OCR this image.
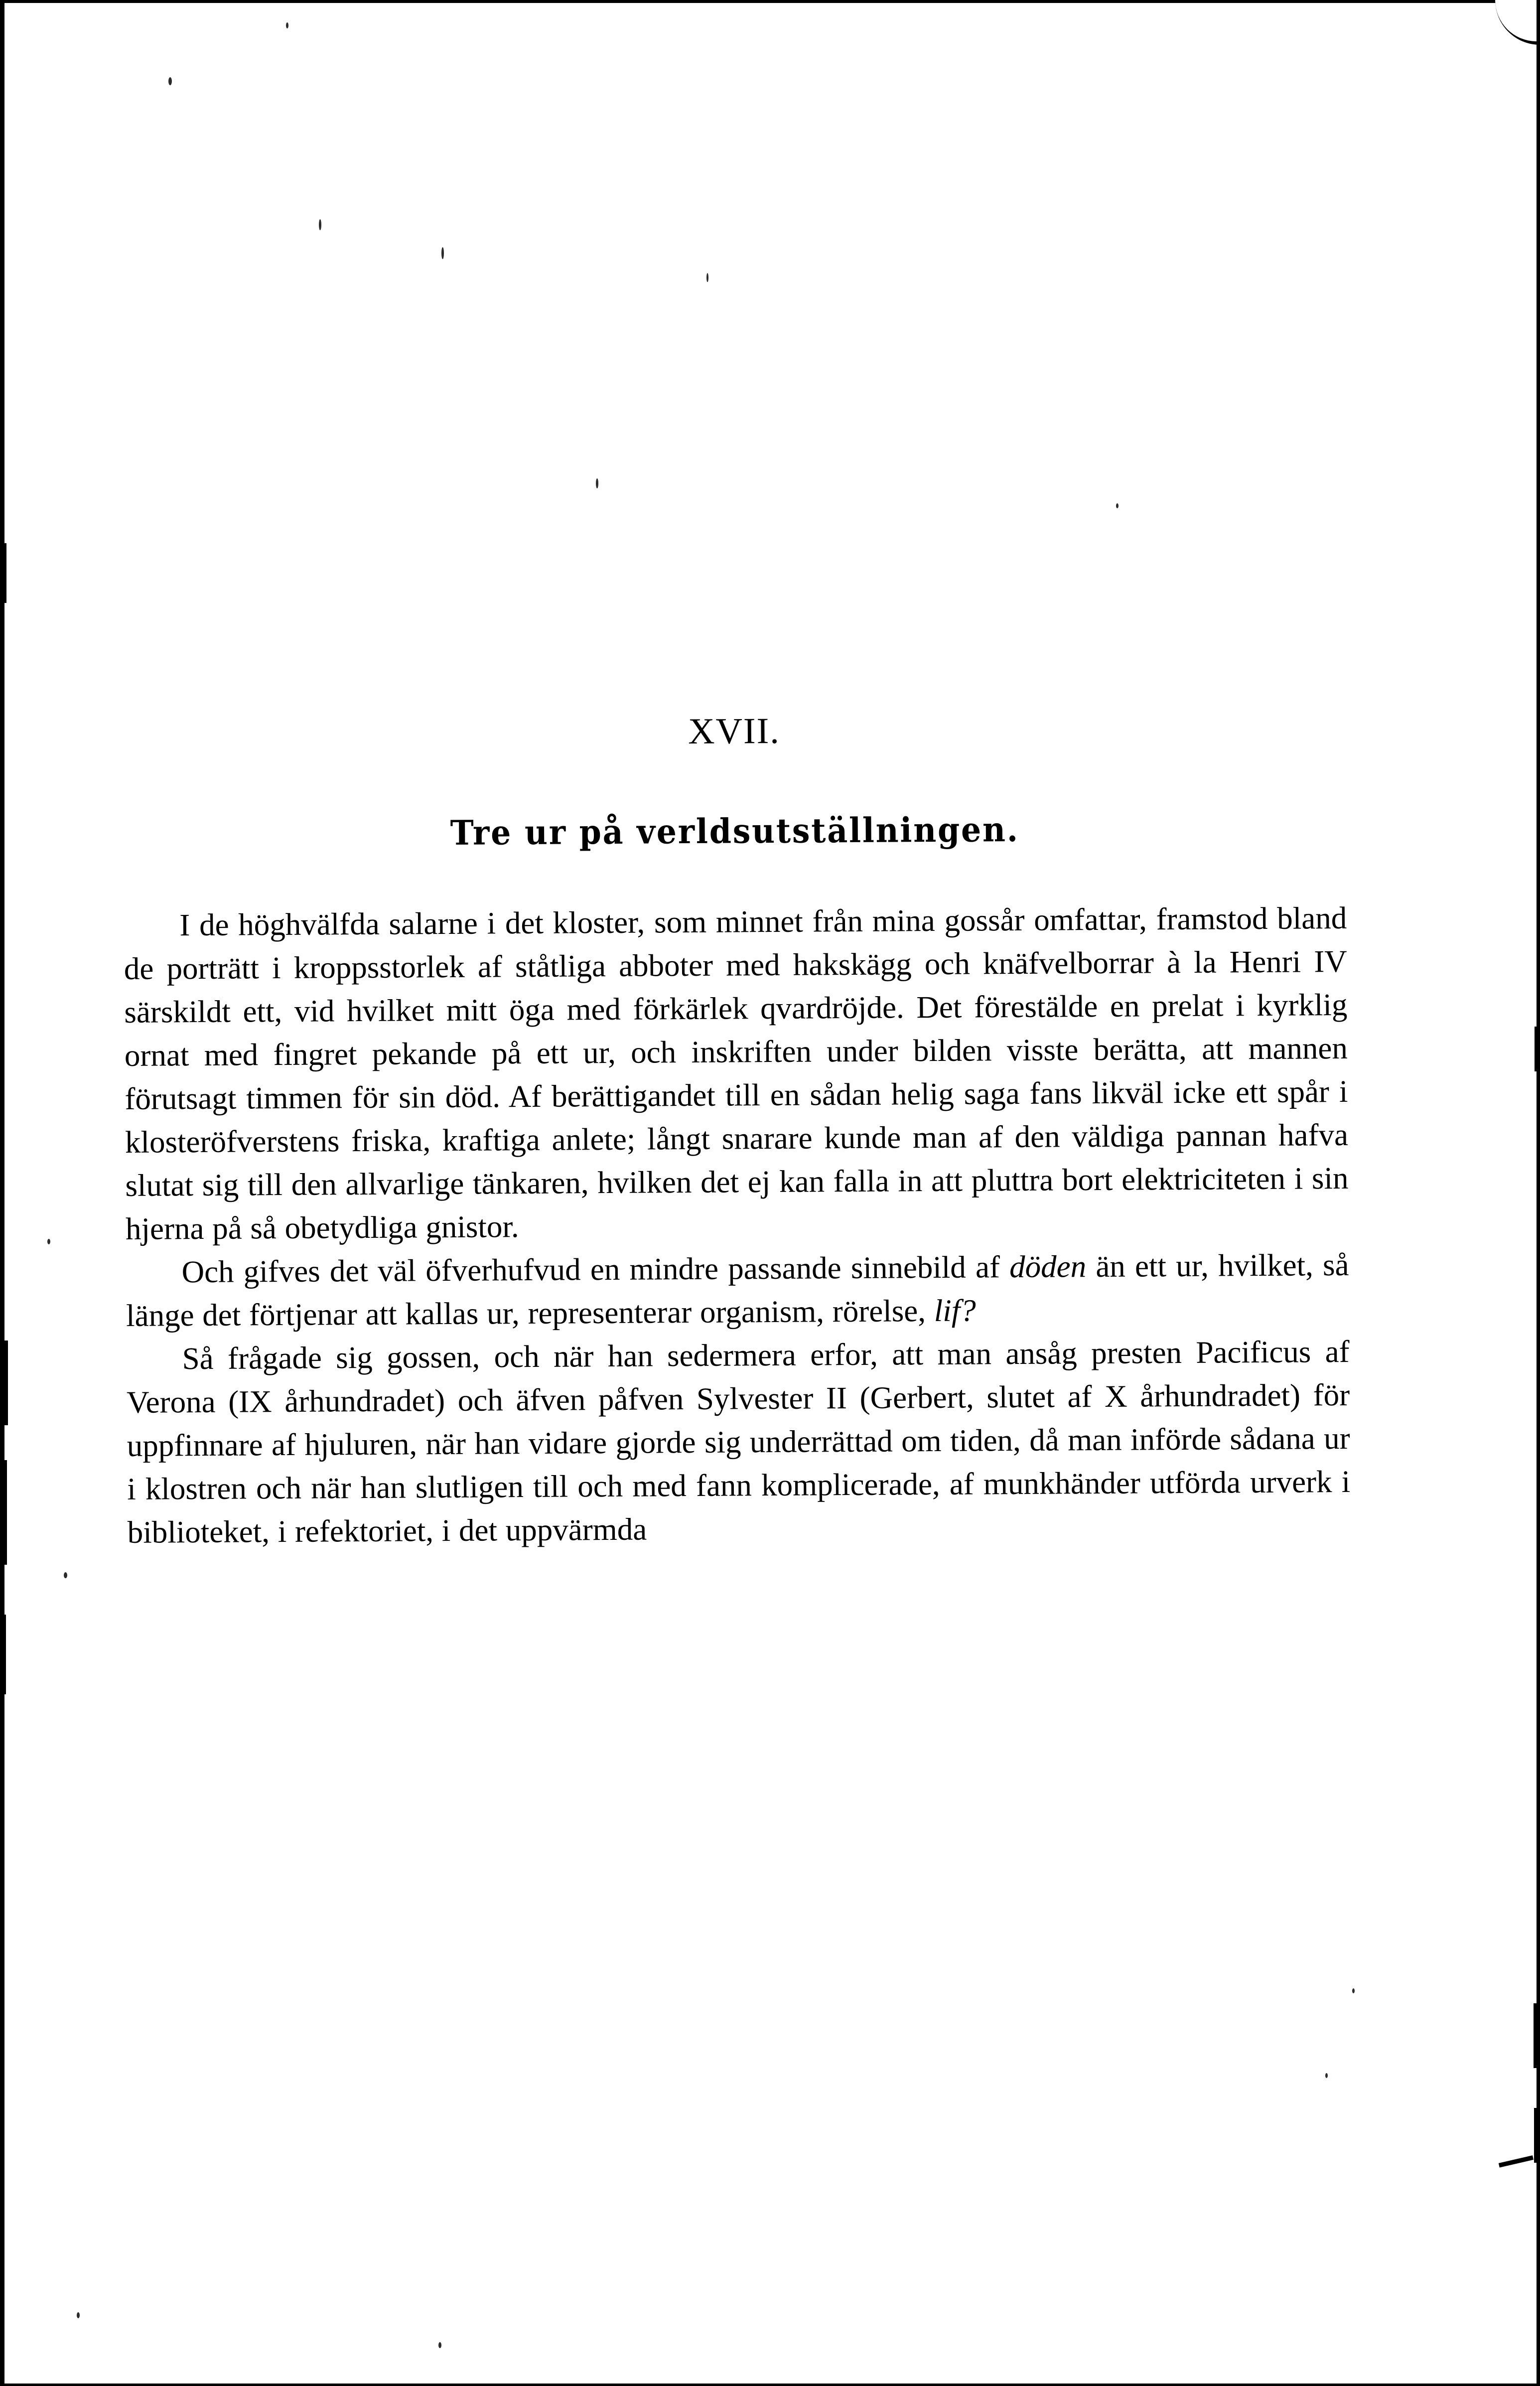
XVII.
Tre ur på verldsutställningen.

I de höghvälfda salarne i det kloster, som minnet från mina gossår omfattar, framstod bland de porträtt i kroppsstorlek af ståtliga abboter med hakskägg och knäfvelborrar à la Henri IV särskildt ett, vid hvilket mitt öga med förkärlek qvardröjde. Det förestälde en prelat i kyrklig ornat med fingret pekande på ett ur, och inskriften under bilden visste berätta, att mannen förutsagt timmen för sin död. Af berättigandet till en sådan helig saga fans likväl icke ett spår i klosteröfverstens friska, kraftiga anlete; långt snarare kunde man af den väldiga pannan hafva slutat sig till den allvarlige tänkaren, hvilken det ej kan falla in att pluttra bort elektriciteten i sin hjerna på så obetydliga gnistor.

Och gifves det väl öfverhufvud en mindre passande sinnebild af döden än ett ur, hvilket, så länge det förtjenar att kallas ur, representerar organism, rörelse, lif?

Så frågade sig gossen, och när han sedermera erfor, att man ansåg presten Pacificus af Verona (IX århundradet) och äfven påfven Sylvester II (Gerbert, slutet af X århundradet) för uppfinnare af hjuluren, när han vidare gjorde sig underrättad om tiden, då man införde sådana ur i klostren och när han slutligen till och med fann komplicerade, af munkhänder utförda urverk i biblioteket, i refektoriet, i det uppvärmda
